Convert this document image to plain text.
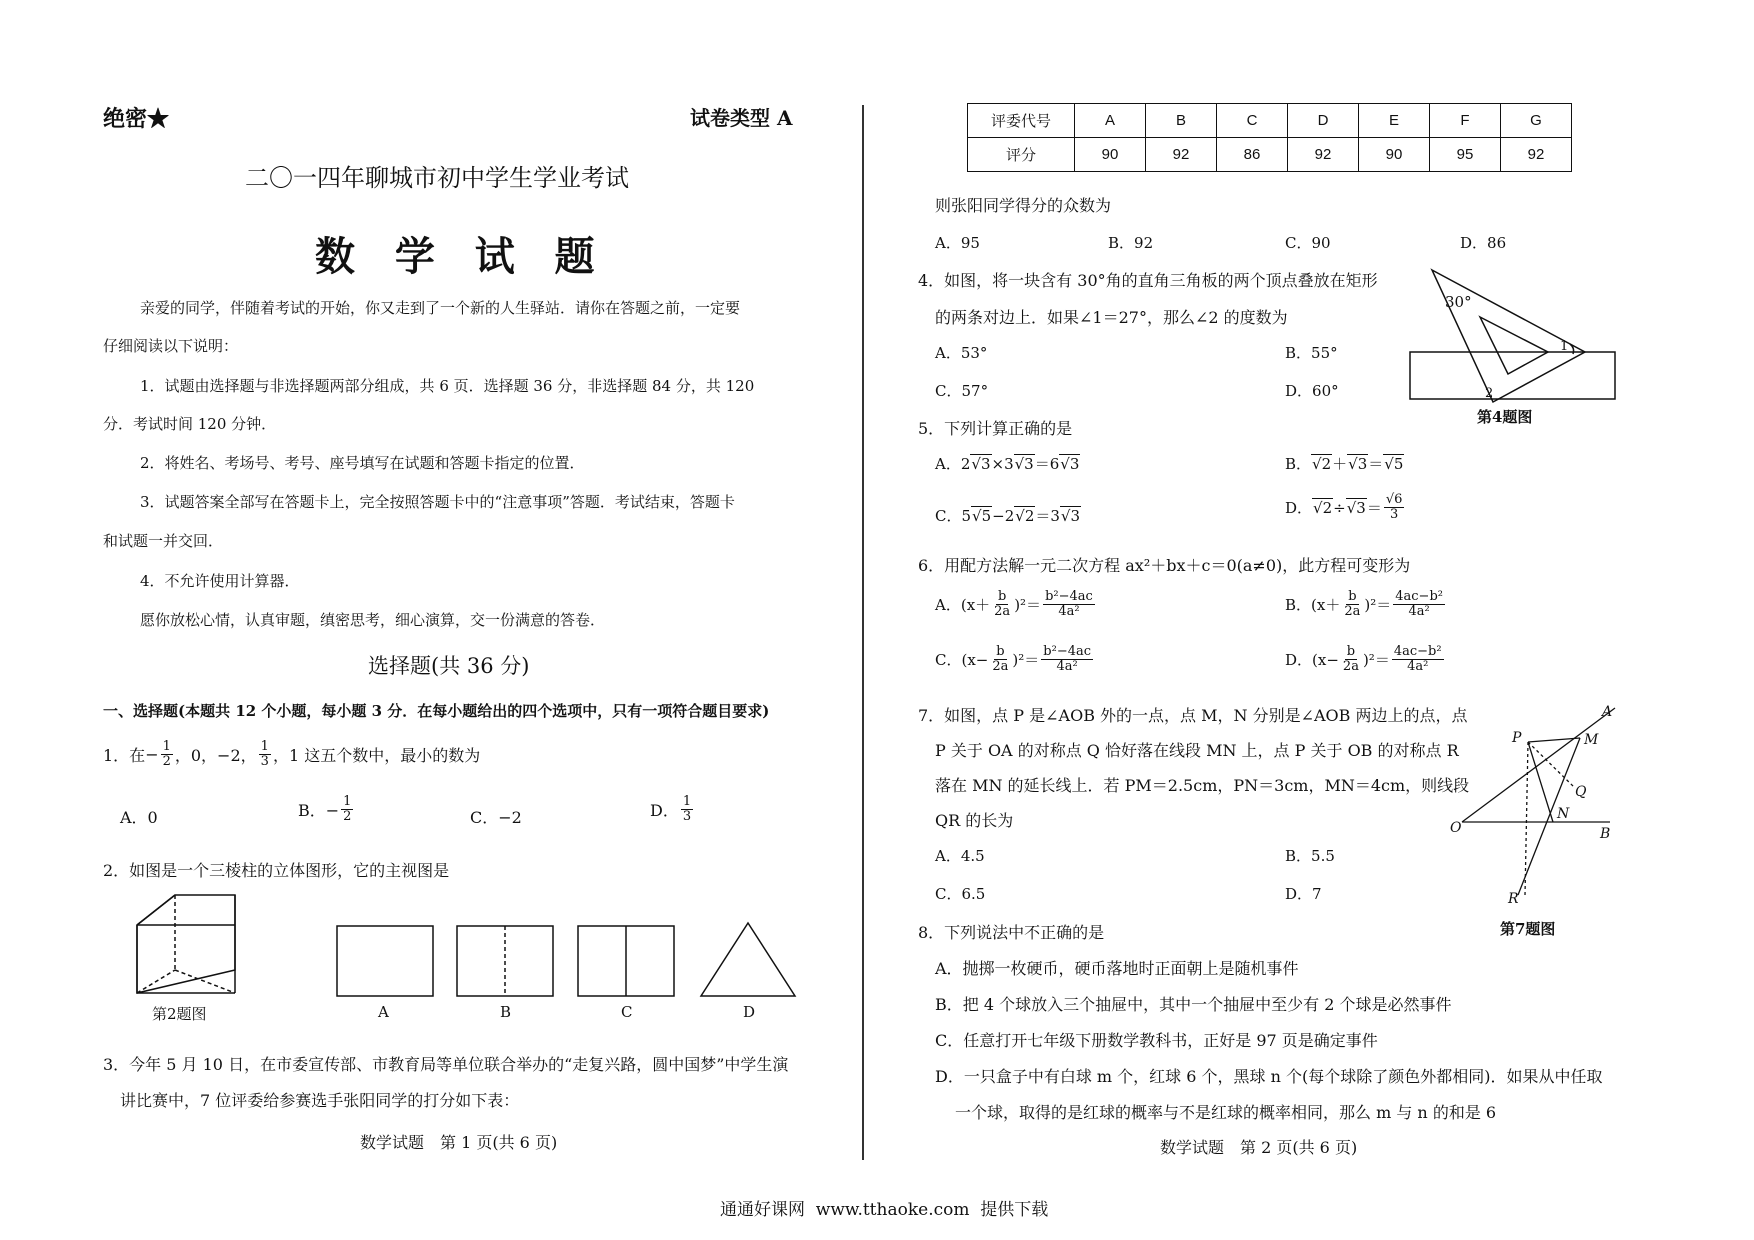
绝密★	试卷类型 A
二〇一四年聊城市初中学生学业考试
数  学  试  题
亲爱的同学，伴随着考试的开始，你又走到了一个新的人生驿站．请你在答题之前，一定要
仔细阅读以下说明：
1．试题由选择题与非选择题两部分组成，共 6 页．选择题 36 分，非选择题 84 分，共 120
分．考试时间 120 分钟．
2．将姓名、考场号、考号、座号填写在试题和答题卡指定的位置．
3．试题答案全部写在答题卡上，完全按照答题卡中的“注意事项”答题．考试结束，答题卡
和试题一并交回．
4．不允许使用计算器．
愿你放松心情，认真审题，缜密思考，细心演算，交一份满意的答卷．
选择题(共 36 分)
一、选择题(本题共 12 个小题，每小题 3 分．在每小题给出的四个选项中，只有一项符合题目要求)
1．在 − $\frac{1}{2}$ ，0，−2， 1
3 ，1 这五个数中，最小的数为
A．0	B．− $\frac{1}{2}$	C．−2	D． 1
3
2．如图是一个三棱柱的立体图形，它的主视图是
第2题图	A	B	C	D
3．今年 5 月 10 日，在市委宣传部、市教育局等单位联合举办的“走复兴路，圆中国梦”中学生演
讲比赛中，7 位评委给参赛选手张阳同学的打分如下表：
数学试题　第 1 页(共 6 页)
评委代号	A	B	C	D	E	F	G
评分	90	92	86	92	90	95	92
则张阳同学得分的众数为
A．95	B．92	C．90	D．86
4．如图，将一块含有 30°角的直角三角板的两个顶点叠放在矩形
的两条对边上．如果∠1＝27°，那么∠2 的度数为
A．53°	B．55°
C．57°	D．60°
30°
1
2
第4题图
5．下列计算正确的是
A．2√3×3√3＝6√3	B．√2＋√3＝√5
C．5√5−2√2＝3√3	D． √2 ÷ √3 ＝ √6
3
6．用配方法解一元二次方程 ax²＋bx＋c＝0(a≠0)，此方程可变形为
A． (x＋ b
2a )²＝ b²−4ac
4a²	B． (x＋ b
2a )²＝ 4ac−b²
4a²
C． $(x- \frac{b}{2a} )^2= b^2-4ac$
4a²	D． $(x- \frac{b}{2a} )^2= 4ac-b^2$
4a²
7．如图，点 P 是∠AOB 外的一点，点 M，N 分别是∠AOB 两边上的点，点
P 关于 OA 的对称点 Q 恰好落在线段 MN 上，点 P 关于 OB 的对称点 R
落在 MN 的延长线上．若 PM＝2.5cm，PN＝3cm，MN＝4cm，则线段
QR 的长为
A．4.5	B．5.5
C．6.5	D．7
A
P	M
Q
N
O	B
R
第7题图
8．下列说法中不正确的是
A．抛掷一枚硬币，硬币落地时正面朝上是随机事件
B．把 4 个球放入三个抽屉中，其中一个抽屉中至少有 2 个球是必然事件
C．任意打开七年级下册数学教科书，正好是 97 页是确定事件
D．一只盒子中有白球 m 个，红球 6 个，黑球 n 个(每个球除了颜色外都相同)．如果从中任取
一个球，取得的是红球的概率与不是红球的概率相同，那么 m 与 n 的和是 6
数学试题　第 2 页(共 6 页)
通通好课网  www.tthaoke.com  提供下载
